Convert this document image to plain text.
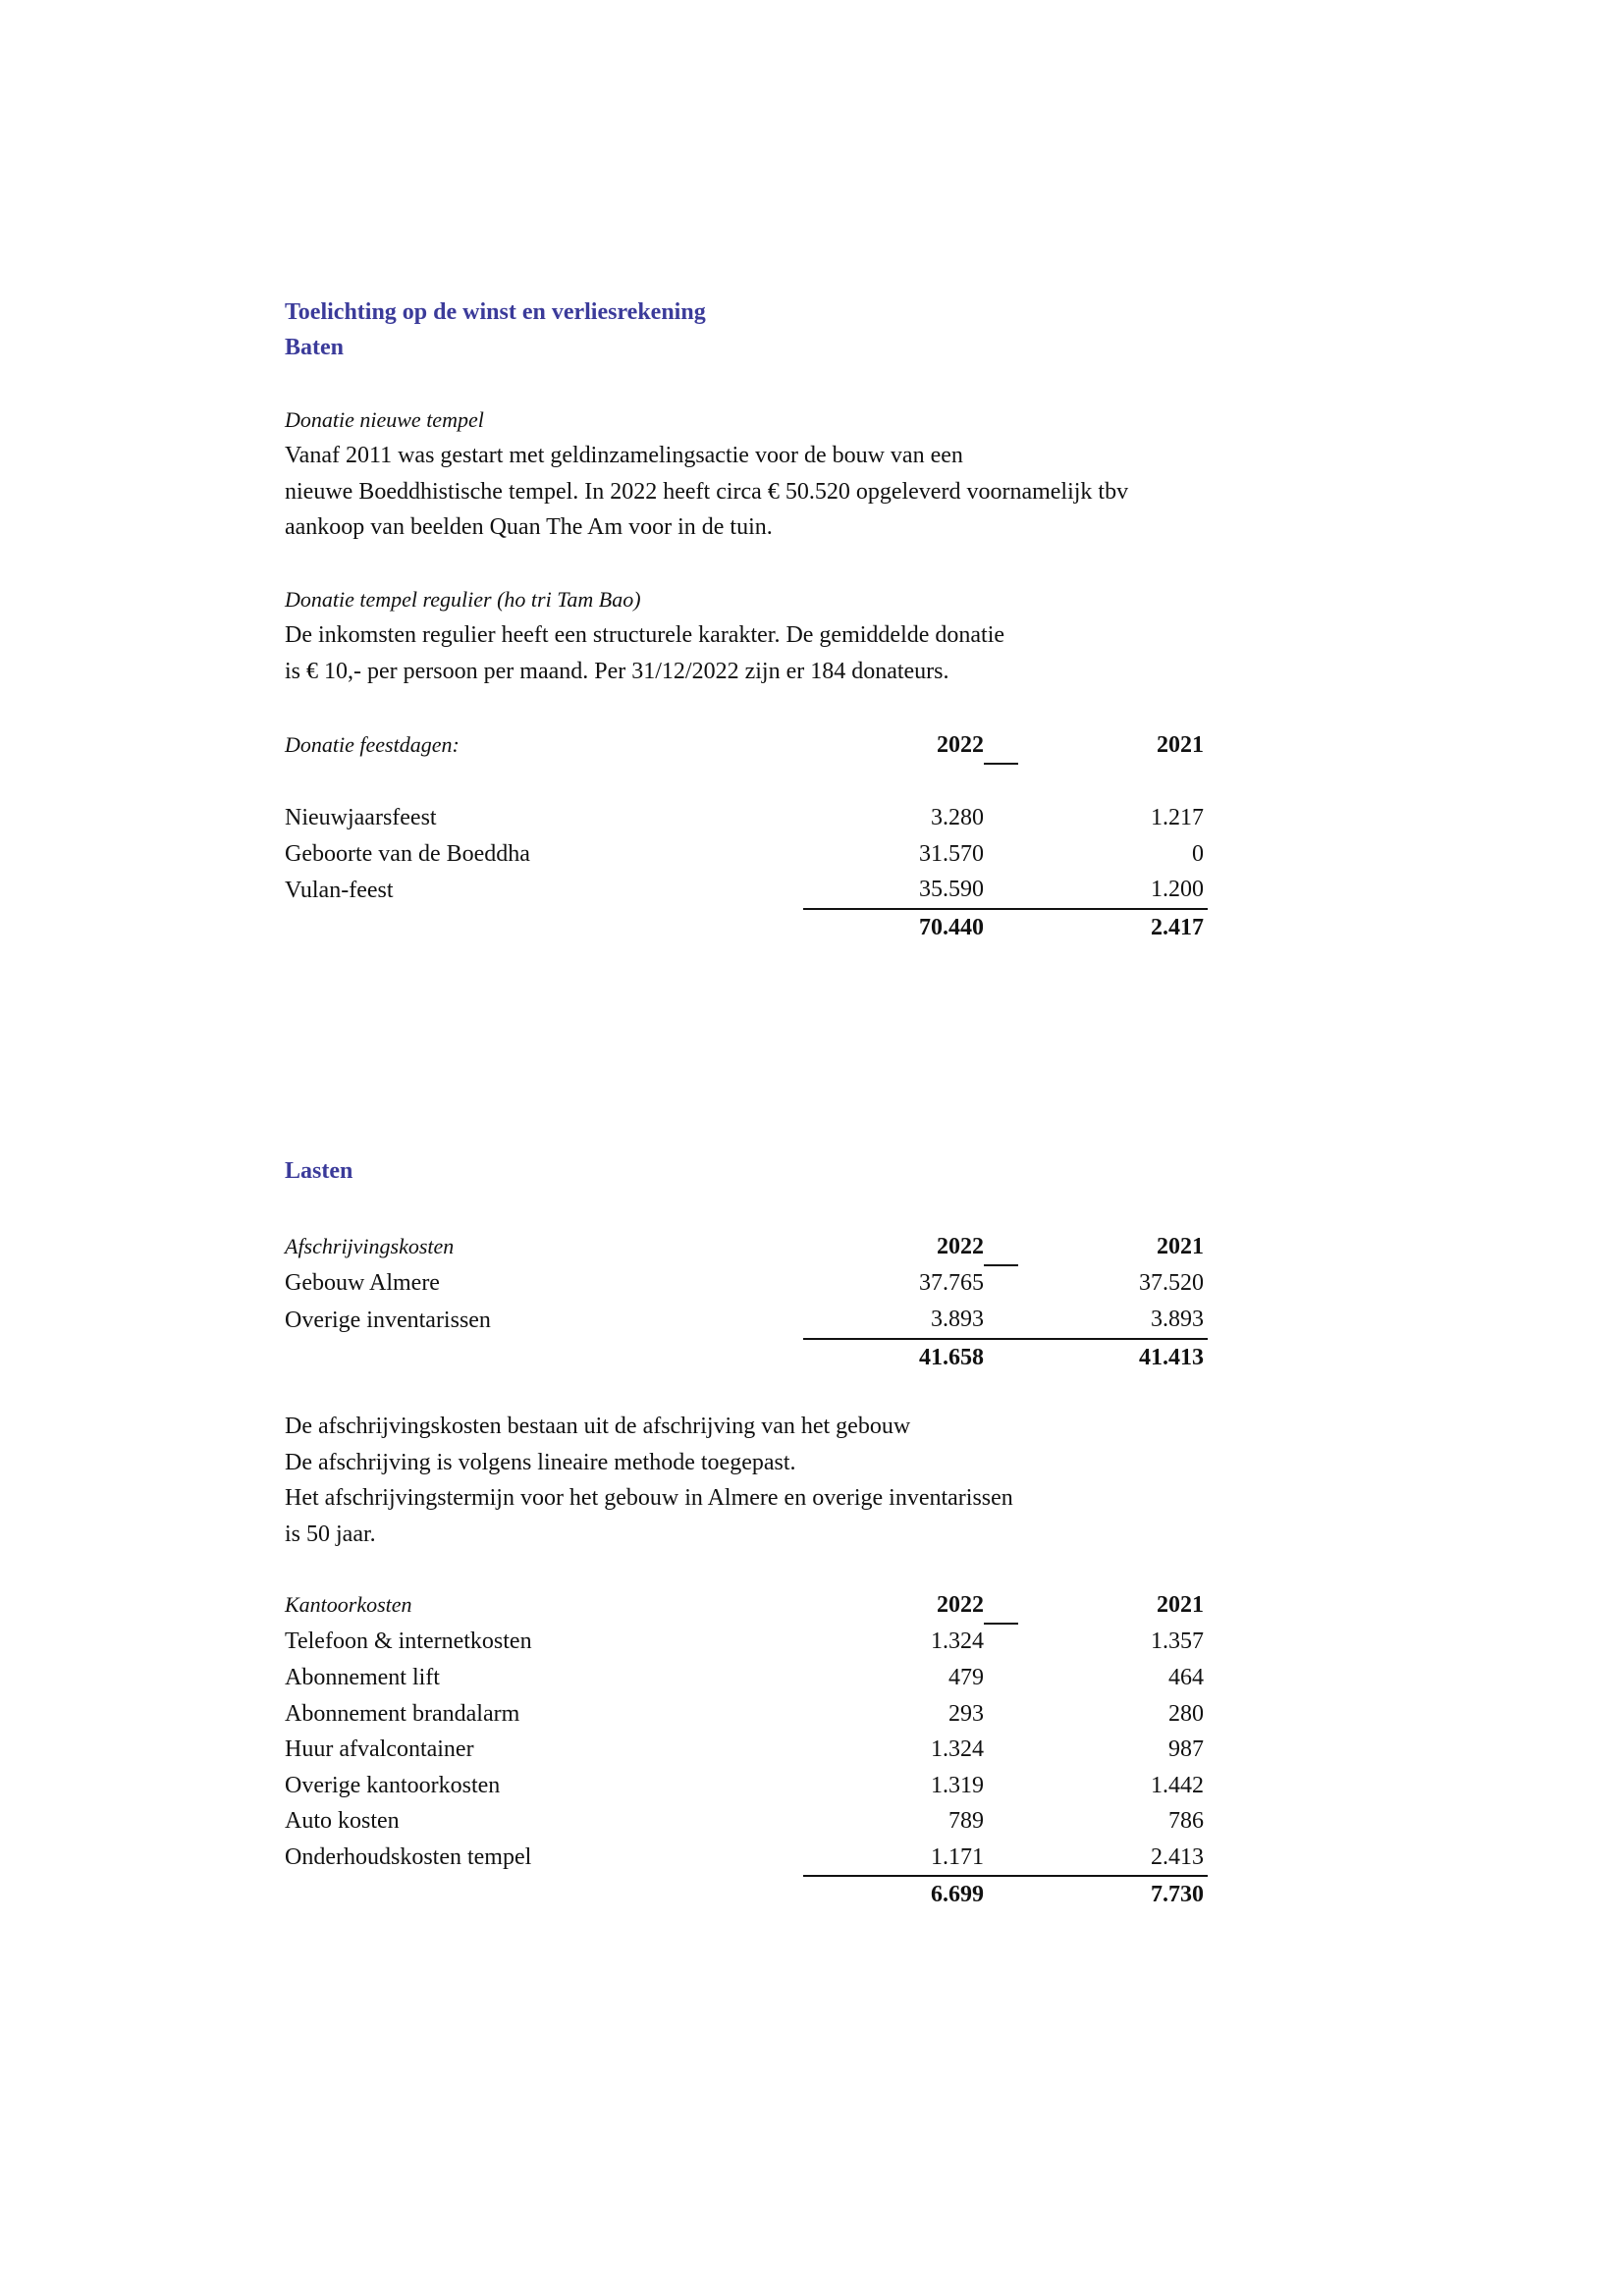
Toelichting op de winst en verliesrekening

Baten

Donatie nieuwe tempel

Vanaf 2011 was gestart met geldinzamelingsactie voor de bouw van een

nieuwe Boeddhistische tempel. In 2022 heeft circa € 50.520 opgeleverd voornamelijk tbv

aankoop van beelden Quan The Am voor in de tuin.

Donatie tempel regulier (ho tri Tam Bao)

De inkomsten regulier heeft een structurele karakter. De gemiddelde donatie

is € 10,- per persoon per maand. Per 31/12/2022 zijn er 184 donateurs.

Donatie feestdagen:	2022		2021

Nieuwjaarsfeest	3.280		1.217
Geboorte van de Boeddha	31.570		0
Vulan-feest	35.590		1.200
	70.440		2.417

Lasten

Afschrijvingskosten	2022		2021
Gebouw Almere	37.765		37.520
Overige inventarissen	3.893		3.893
	41.658		41.413

De afschrijvingskosten bestaan uit de afschrijving van het gebouw

De afschrijving is volgens lineaire methode toegepast.

Het afschrijvingstermijn voor het gebouw in Almere en overige inventarissen

is 50 jaar.

Kantoorkosten	2022		2021
Telefoon & internetkosten	1.324		1.357
Abonnement lift	479		464
Abonnement brandalarm	293		280
Huur afvalcontainer	1.324		987
Overige kantoorkosten	1.319		1.442
Auto kosten	789		786
Onderhoudskosten tempel	1.171		2.413
	6.699		7.730
